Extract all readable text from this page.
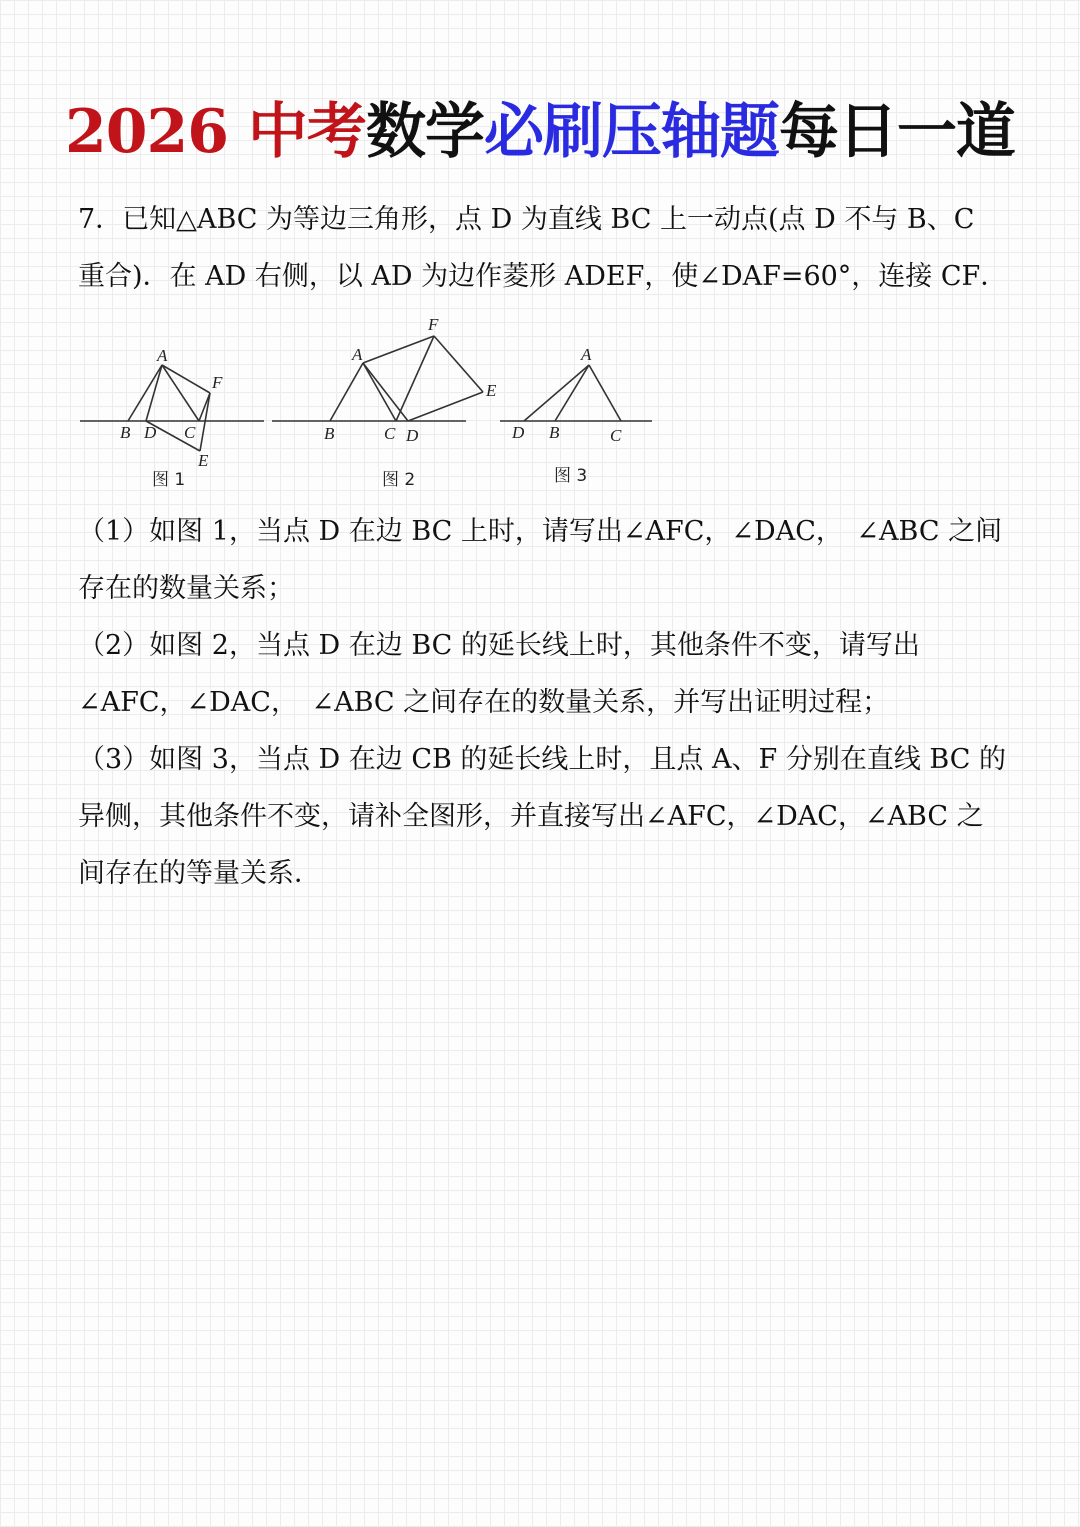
2026 中考数学必刷压轴题每日一道

7．已知△ABC 为等边三角形，点 D 为直线 BC 上一动点(点 D 不与 B、C 重合)．在 AD 右侧，以 AD 为边作菱形 ADEF，使∠DAF=60°，连接 CF．

A
B D C
F
E
图 1
A
F
E
B	C D
图 2
A
D B	C
图 3

（1）如图 1，当点 D 在边 BC 上时，请写出∠AFC，∠DAC，　∠ABC 之间存在的数量关系；

（2）如图 2，当点 D 在边 BC 的延长线上时，其他条件不变，请写出∠AFC，∠DAC，　∠ABC 之间存在的数量关系，并写出证明过程；

（3）如图 3，当点 D 在边 CB 的延长线上时，且点 A、F 分别在直线 BC 的异侧，其他条件不变，请补全图形，并直接写出∠AFC，∠DAC，∠ABC 之间存在的等量关系．
